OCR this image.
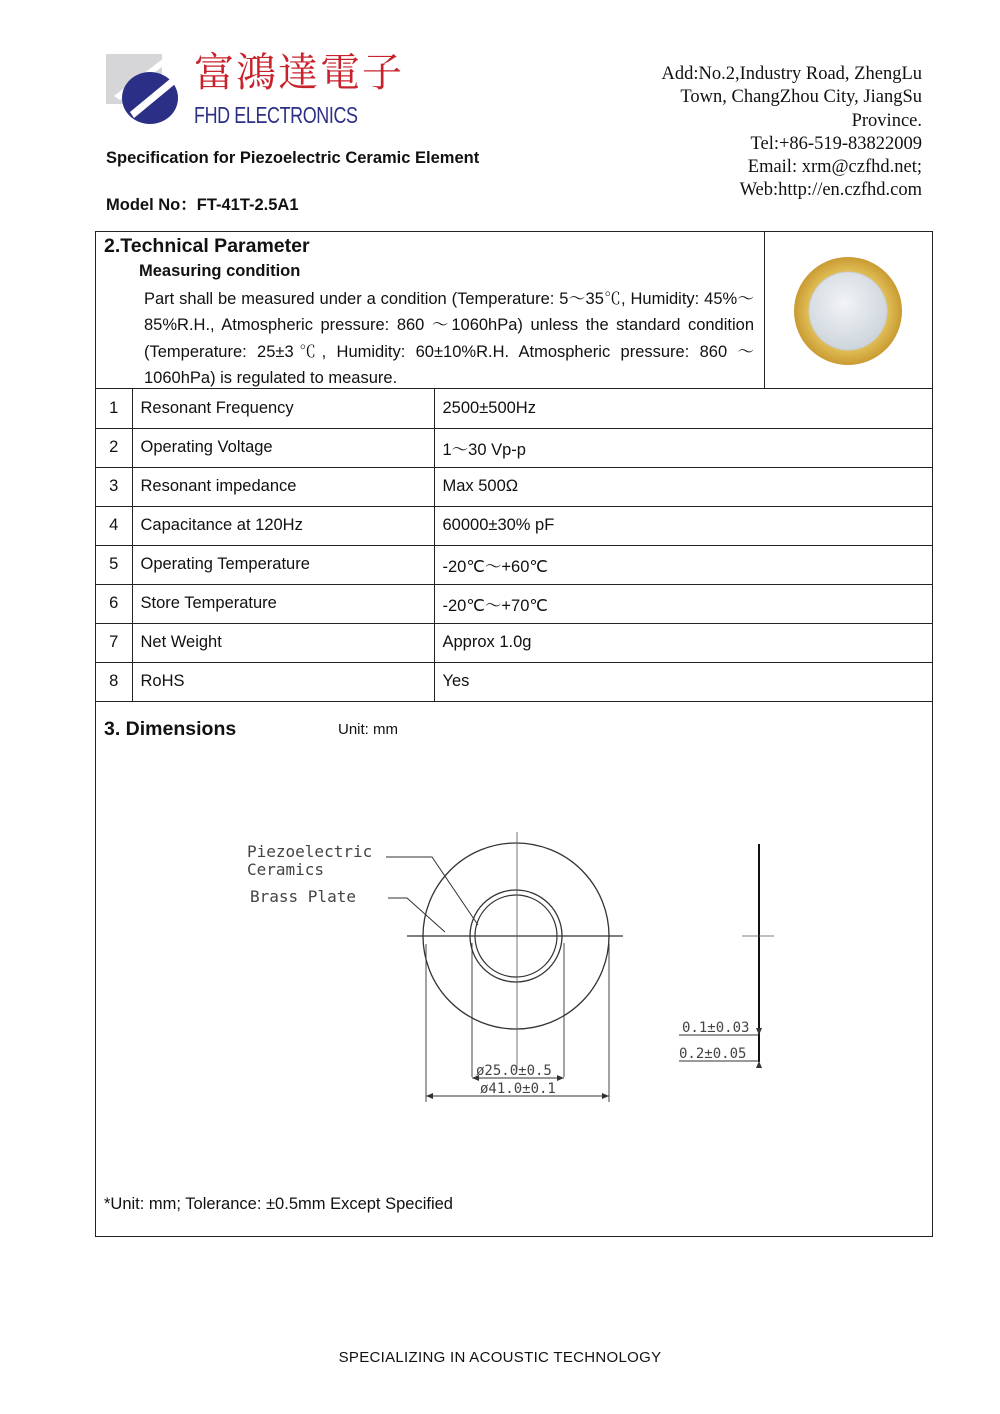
富鴻達電子
FHD ELECTRONICS
Specification for Piezoelectric Ceramic Element
Model No：FT-41T-2.5A1
Add:No.2,Industry Road, ZhengLu
Town, ChangZhou City, JiangSu
Province.
Tel:+86-519-83822009
Email: xrm@czfhd.net;
Web:http://en.czfhd.com
2.Technical Parameter
Measuring condition
Part shall be measured under a condition (Temperature: 5～35℃, Humidity: 45%～85%R.H., Atmospheric pressure: 860 ～1060hPa) unless the standard condition (Temperature: 25±3℃, Humidity: 60±10%R.H. Atmospheric pressure: 860 ～1060hPa) is regulated to measure.
1	Resonant Frequency	2500±500Hz
2	Operating Voltage	1～30 Vp-p
3	Resonant impedance	Max 500Ω
4	Capacitance at 120Hz	60000±30% pF
5	Operating Temperature	-20℃～+60℃
6	Store Temperature	-20℃～+70℃
7	Net Weight	Approx 1.0g
8	RoHS	Yes
3. Dimensions	Unit: mm
Piezoelectric
Ceramics
Brass Plate
ø25.0±0.5
ø41.0±0.1
0.1±0.03
0.2±0.05
*Unit: mm; Tolerance: ±0.5mm Except Specified
SPECIALIZING IN ACOUSTIC TECHNOLOGY
